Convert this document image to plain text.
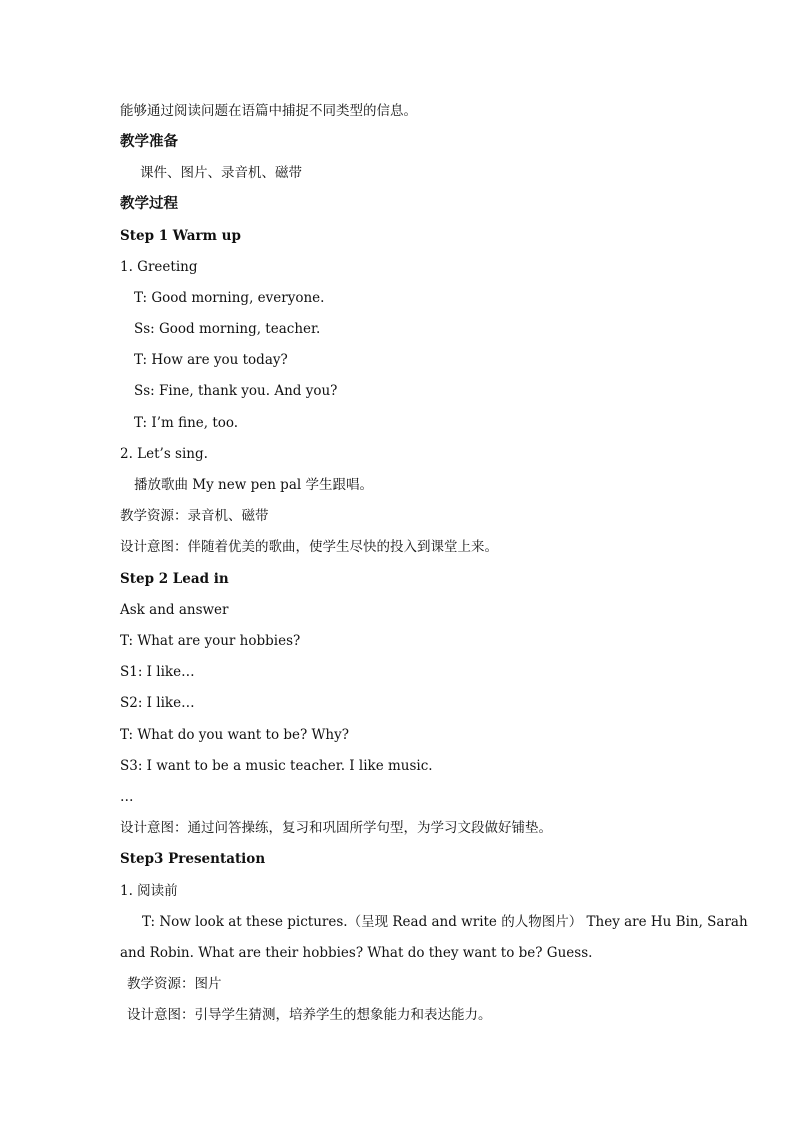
能够通过阅读问题在语篇中捕捉不同类型的信息。
教学准备
课件、图片、录音机、磁带
教学过程
Step 1 Warm up
1. Greeting
T: Good morning, everyone.
Ss: Good morning, teacher.
T: How are you today?
Ss: Fine, thank you. And you?
T: I’m fine, too.
2. Let’s sing.
播放歌曲 My new pen pal 学生跟唱。
教学资源：录音机、磁带
设计意图：伴随着优美的歌曲，使学生尽快的投入到课堂上来。
Step 2 Lead in
Ask and answer
T: What are your hobbies?
S1: I like…
S2: I like…
T: What do you want to be? Why?
S3: I want to be a music teacher. I like music.
…
设计意图：通过问答操练，复习和巩固所学句型，为学习文段做好铺垫。
Step3 Presentation
1. 阅读前
T: Now look at these pictures.（呈现 Read and write 的人物图片） They are Hu Bin, Sarah
and Robin. What are their hobbies? What do they want to be? Guess.
教学资源：图片
设计意图：引导学生猜测，培养学生的想象能力和表达能力。
